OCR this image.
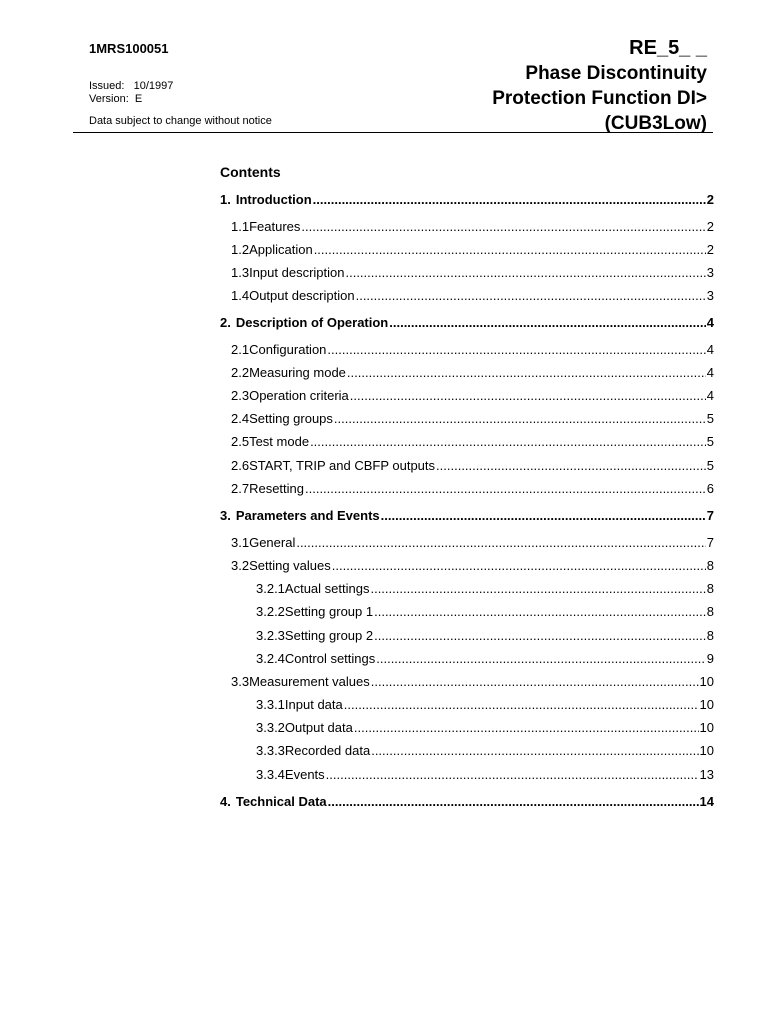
1MRS100051
Issued:   10/1997
Version:  E
Data subject to change without notice
RE_5_ _
Phase Discontinuity
Protection Function DI>
(CUB3Low)
Contents
1. Introduction .....	2
1.1 Features .....	2
1.2 Application .....	2
1.3 Input description .....	3
1.4 Output description .....	3
2. Description of Operation .....	4
2.1 Configuration .....	4
2.2 Measuring mode .....	4
2.3 Operation criteria .....	4
2.4 Setting groups .....	5
2.5 Test mode .....	5
2.6 START, TRIP and CBFP outputs .....	5
2.7 Resetting .....	6
3. Parameters and Events .....	7
3.1 General .....	7
3.2 Setting values .....	8
3.2.1 Actual settings .....	8
3.2.2 Setting group 1 .....	8
3.2.3 Setting group 2 .....	8
3.2.4 Control settings .....	9
3.3 Measurement values .....	10
3.3.1 Input data .....	10
3.3.2 Output data .....	10
3.3.3 Recorded data .....	10
3.3.4 Events .....	13
4. Technical Data .....	14
